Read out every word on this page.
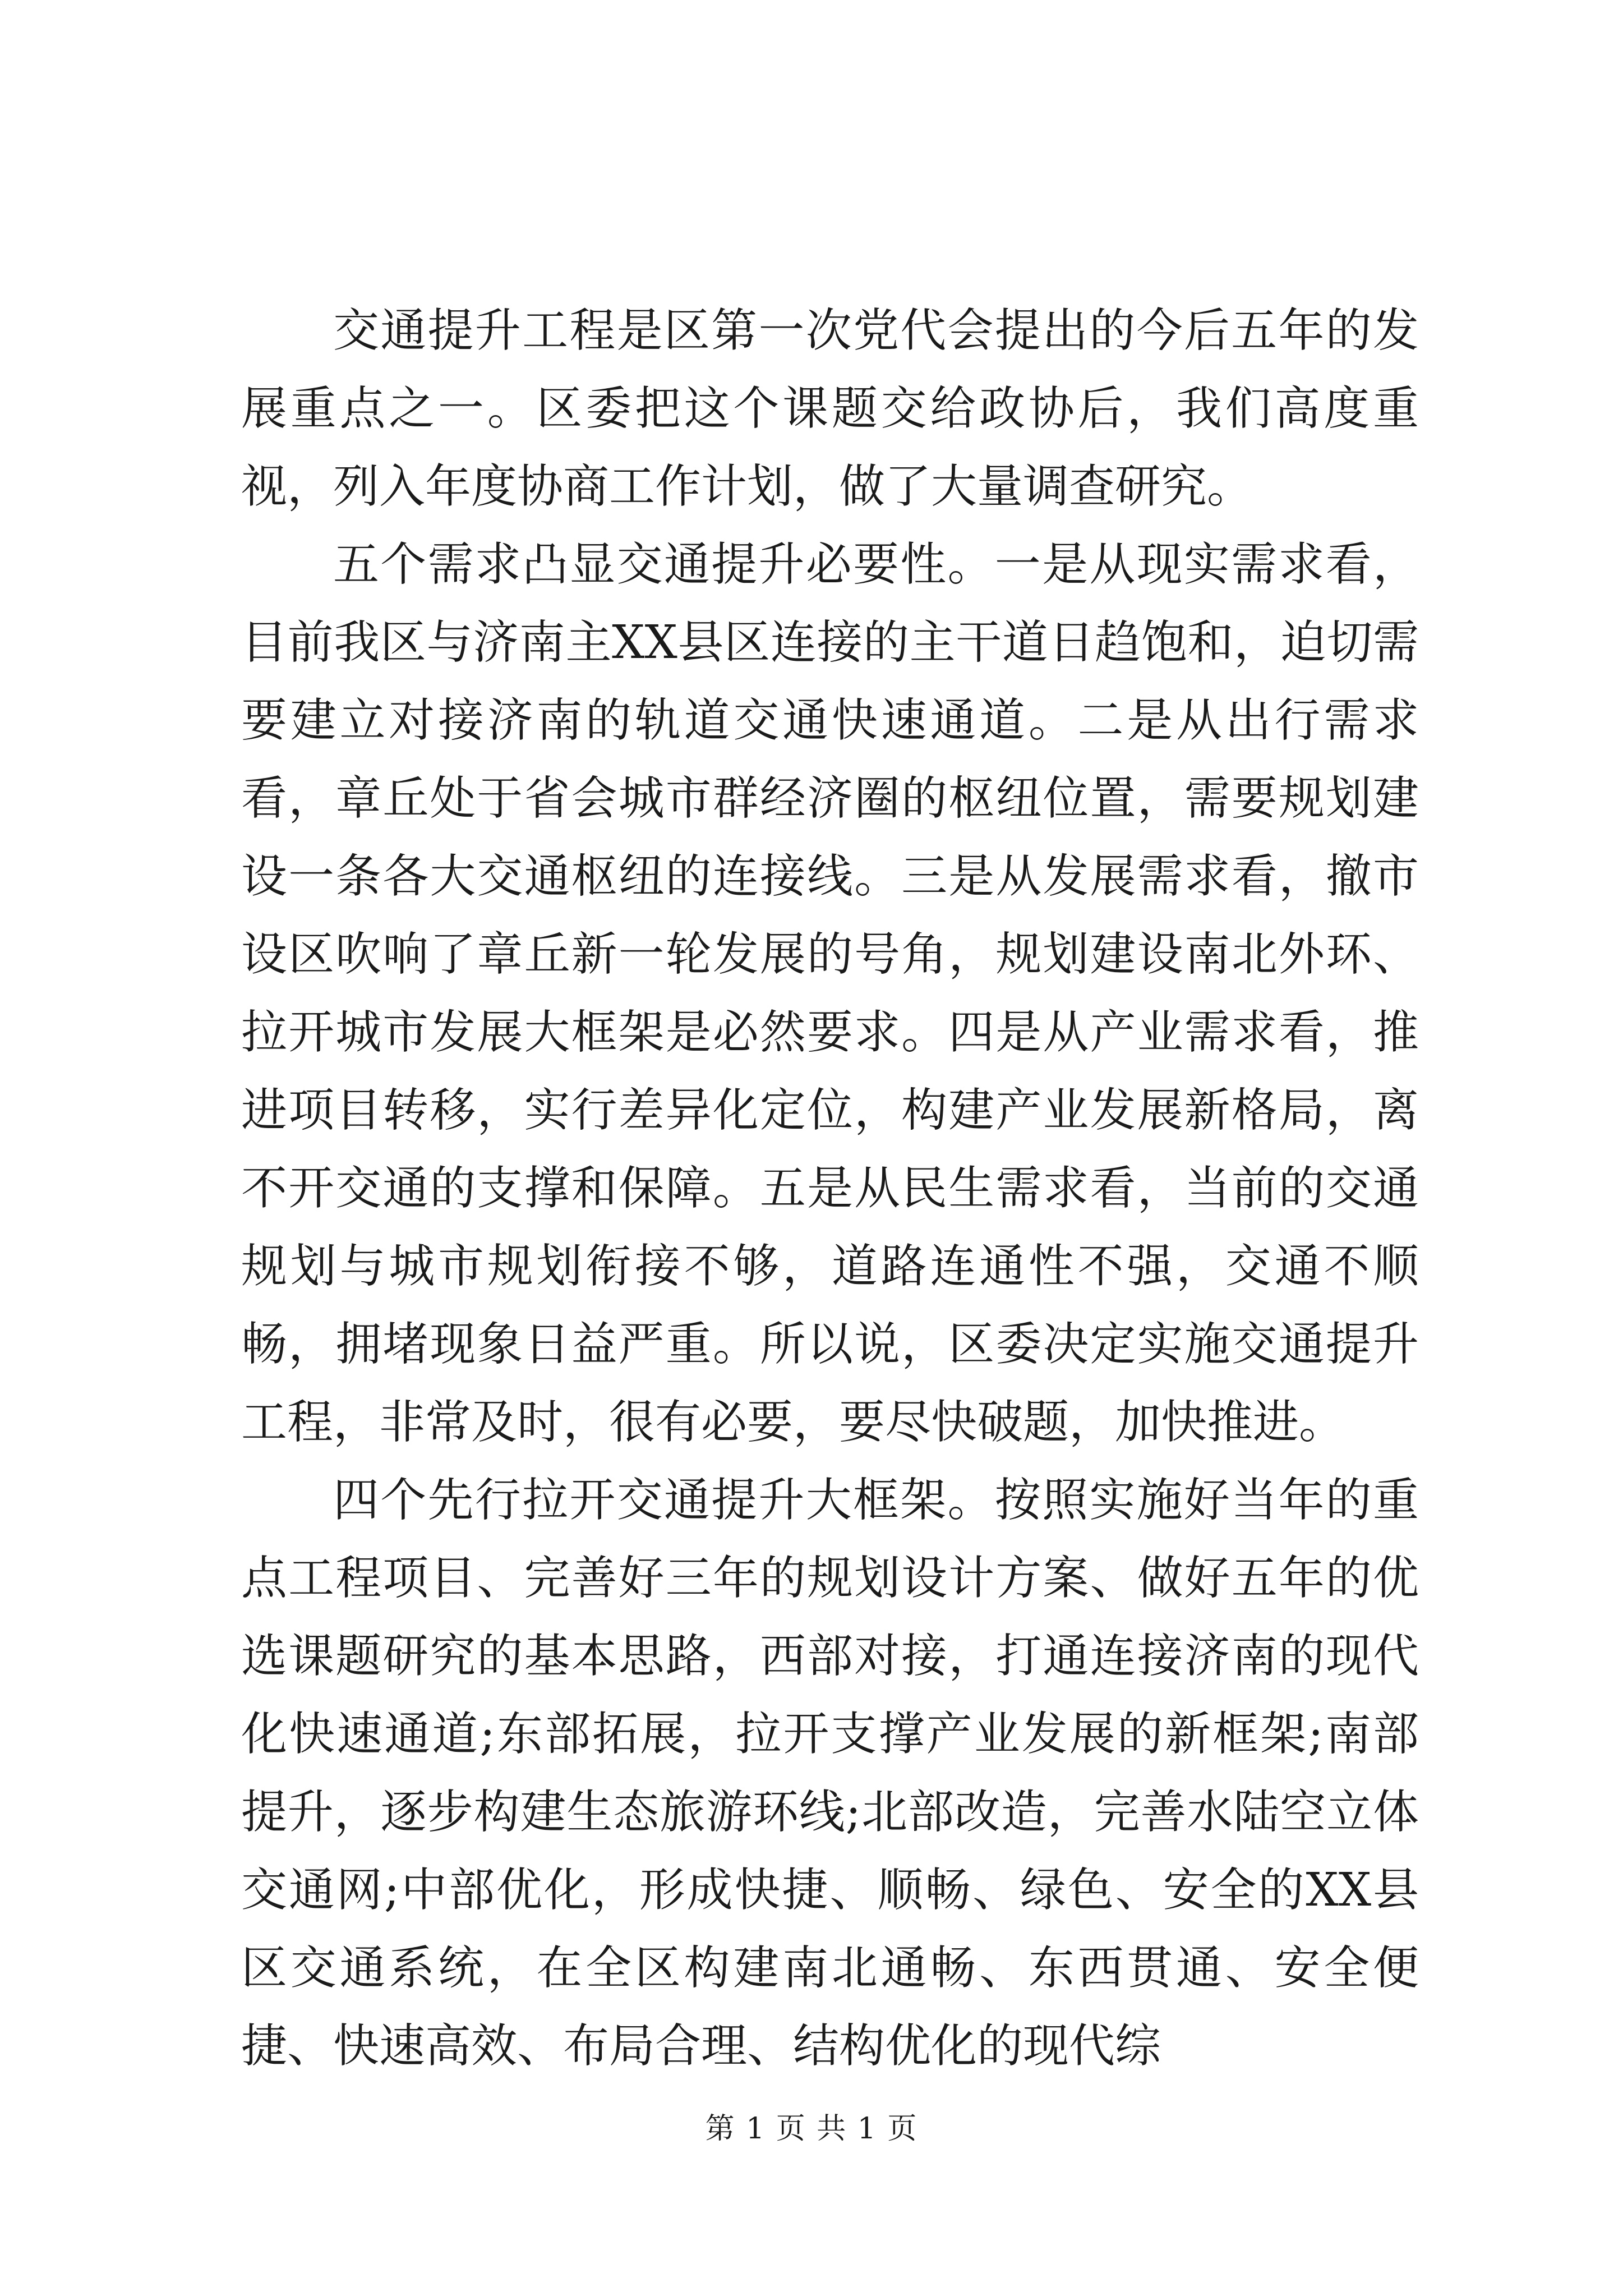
交通提升工程是区第一次党代会提出的今后五年的发展重点之一。区委把这个课题交给政协后，我们高度重视，列入年度协商工作计划，做了大量调查研究。

五个需求凸显交通提升必要性。一是从现实需求看，目前我区与济南主XX县区连接的主干道日趋饱和，迫切需要建立对接济南的轨道交通快速通道。二是从出行需求看，章丘处于省会城市群经济圈的枢纽位置，需要规划建设一条各大交通枢纽的连接线。三是从发展需求看，撤市设区吹响了章丘新一轮发展的号角，规划建设南北外环、拉开城市发展大框架是必然要求。四是从产业需求看，推进项目转移，实行差异化定位，构建产业发展新格局，离不开交通的支撑和保障。五是从民生需求看，当前的交通规划与城市规划衔接不够，道路连通性不强，交通不顺畅，拥堵现象日益严重。所以说，区委决定实施交通提升工程，非常及时，很有必要，要尽快破题，加快推进。

四个先行拉开交通提升大框架。按照实施好当年的重点工程项目、完善好三年的规划设计方案、做好五年的优选课题研究的基本思路，西部对接，打通连接济南的现代化快速通道;东部拓展，拉开支撑产业发展的新框架;南部提升，逐步构建生态旅游环线;北部改造，完善水陆空立体交通网;中部优化，形成快捷、顺畅、绿色、安全的XX县区交通系统，在全区构建南北通畅、东西贯通、安全便捷、快速高效、布局合理、结构优化的现代综

第 1 页 共 1 页
